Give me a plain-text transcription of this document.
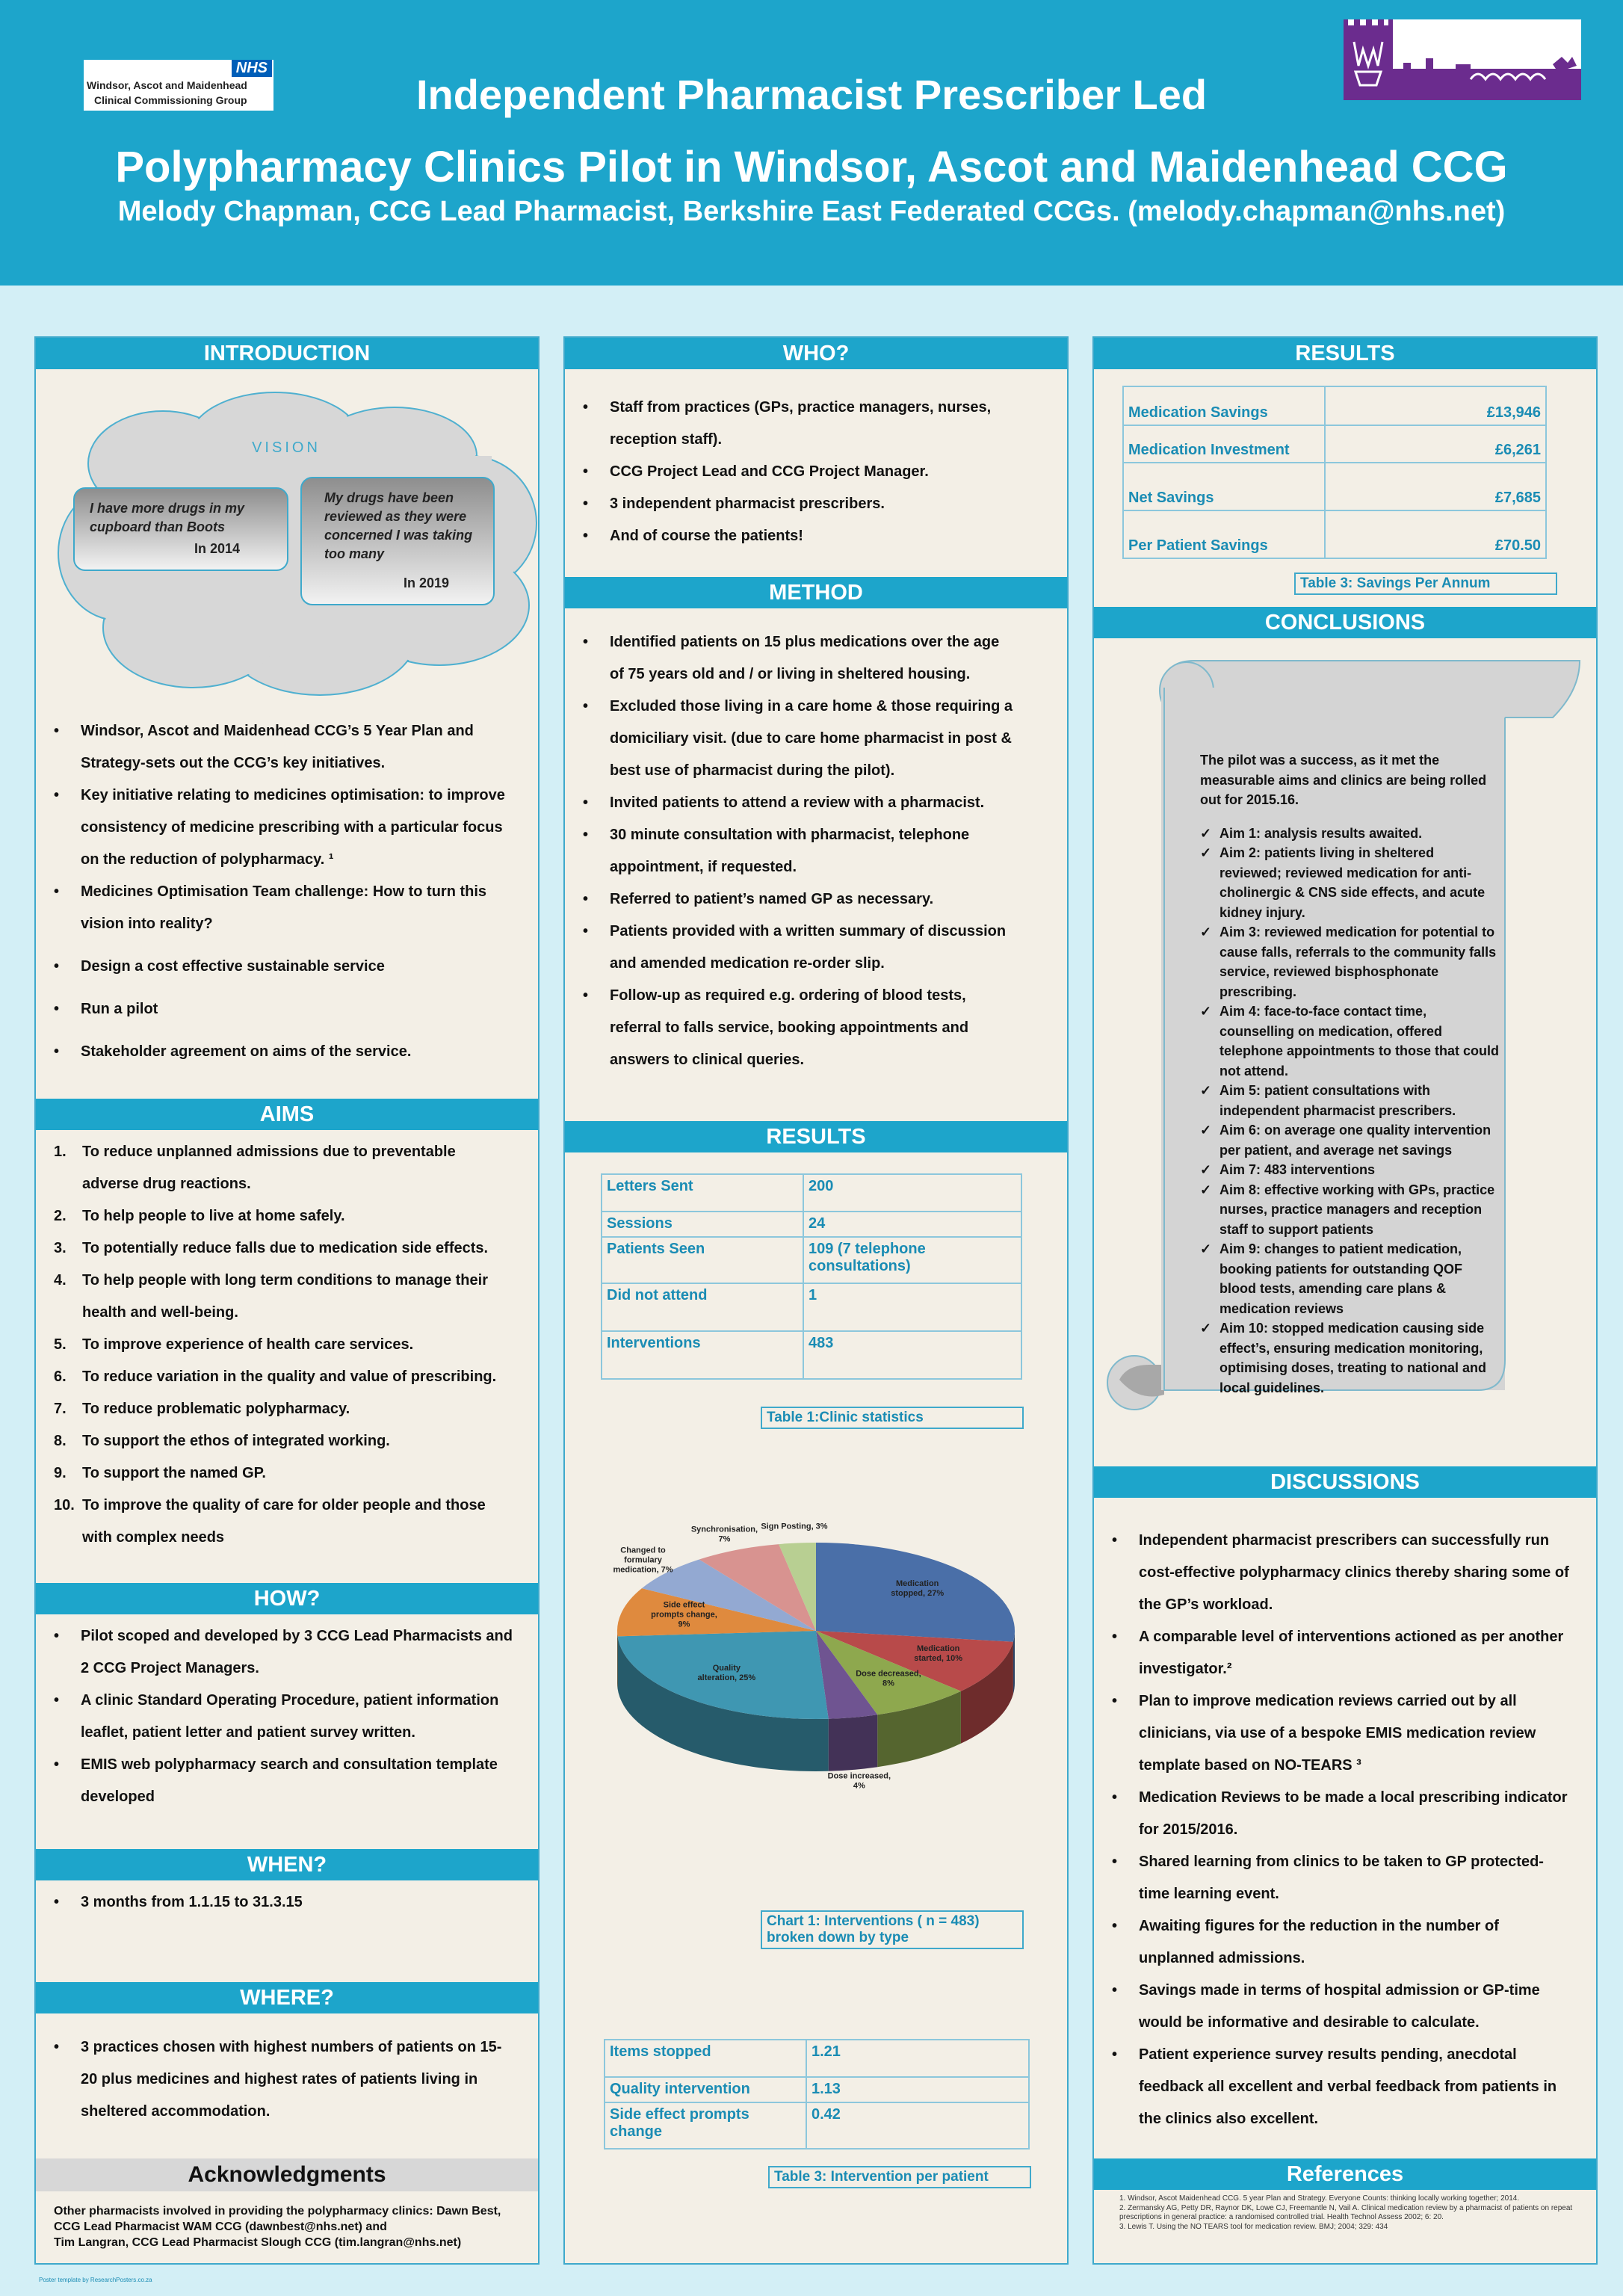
NHS
Windsor, Ascot and Maidenhead
Clinical Commissioning Group	Independent Pharmacist Prescriber Led
Polypharmacy Clinics Pilot in Windsor, Ascot and Maidenhead CCG
Melody Chapman, CCG Lead Pharmacist, Berkshire East Federated CCGs. (melody.chapman@nhs.net)
INTRODUCTION
VISION
I have more drugs in my cupboard than Boots
In 2014
My drugs have been reviewed as they were concerned I was taking too many
In 2019
• Windsor, Ascot and Maidenhead CCG’s 5 Year Plan and Strategy-sets out the CCG’s key initiatives.
• Key initiative relating to medicines optimisation: to improve consistency of medicine prescribing with a particular focus on the reduction of polypharmacy. ¹
• Medicines Optimisation Team challenge: How to turn this vision into reality?
• Design a cost effective sustainable service
• Run a pilot
• Stakeholder agreement on aims of the service.
AIMS
1. To reduce unplanned admissions due to preventable adverse drug reactions.
2. To help people to live at home safely.
3. To potentially reduce falls due to medication side effects.
4. To help people with long term conditions to manage their health and well-being.
5. To improve experience of health care services.
6. To reduce variation in the quality and value of prescribing.
7. To reduce problematic polypharmacy.
8. To support the ethos of integrated working.
9. To support the named GP.
10. To improve the quality of care for older people and those with complex needs
HOW?
• Pilot scoped and developed by 3 CCG Lead Pharmacists and 2 CCG Project Managers.
• A clinic Standard Operating Procedure, patient information leaflet, patient letter and patient survey written.
• EMIS web polypharmacy search and consultation template developed
WHEN?
• 3 months from 1.1.15 to 31.3.15
WHERE?
• 3 practices chosen with highest numbers of patients on 15-20 plus medicines and highest rates of patients living in sheltered accommodation.
Acknowledgments
Other pharmacists involved in providing the polypharmacy clinics: Dawn Best, CCG Lead Pharmacist WAM CCG (dawnbest@nhs.net) and
Tim Langran, CCG Lead Pharmacist Slough CCG (tim.langran@nhs.net)
WHO?
• Staff from practices (GPs, practice managers, nurses, reception staff).
• CCG Project Lead and CCG Project Manager.
• 3 independent pharmacist prescribers.
• And of course the patients!
METHOD
• Identified patients on 15 plus medications over the age of 75 years old and / or living in sheltered housing.
• Excluded those living in a care home & those requiring a domiciliary visit. (due to care home pharmacist in post & best use of pharmacist during the pilot).
• Invited patients to attend a review with a pharmacist.
• 30 minute consultation with pharmacist, telephone appointment, if requested.
• Referred to patient’s named GP as necessary.
• Patients provided with a written summary of discussion and amended medication re-order slip.
• Follow-up as required e.g. ordering of blood tests, referral to falls service, booking appointments and answers to clinical queries.
RESULTS
Letters Sent	200
Sessions	24
Patients Seen	109 (7 telephone consultations)
Did not attend	1
Interventions	483
Table 1:Clinic statistics
Medication stopped, 27%
Medication started, 10%
Dose decreased, 8%
Dose increased, 4%
Quality alteration, 25%
Side effect prompts change, 9%
Changed to formulary medication, 7%
Synchronisation, 7%
Sign Posting, 3%
Chart 1: Interventions ( n = 483)
broken down by type
Items stopped	1.21
Quality intervention	1.13
Side effect prompts change	0.42
Table 3: Intervention per patient
RESULTS
Medication Savings	£13,946
Medication Investment	£6,261
Net Savings	£7,685
Per Patient Savings	£70.50
Table 3: Savings Per Annum
CONCLUSIONS
DISCUSSIONS
• Independent pharmacist prescribers can successfully run cost-effective polypharmacy clinics thereby sharing some of the GP’s workload.
• A comparable level of interventions actioned as per another investigator.²
• Plan to improve medication reviews carried out by all clinicians, via use of a bespoke EMIS medication review template based on NO-TEARS ³
• Medication Reviews to be made a local prescribing indicator for 2015/2016.
• Shared learning from clinics to be taken to GP protected-time learning event.
• Awaiting figures for the reduction in the number of unplanned admissions.
• Savings made in terms of hospital admission or GP-time would be informative and desirable to calculate.
• Patient experience survey results pending, anecdotal feedback all excellent and verbal feedback from patients in the clinics also excellent.
References
1. Windsor, Ascot Maidenhead CCG. 5 year Plan and Strategy. Everyone Counts: thinking locally working together; 2014.
2. Zermansky AG, Petty DR, Raynor DK, Lowe CJ, Freemantle N, Vail A. Clinical medication review by a pharmacist of patients on repeat prescriptions in general practice: a randomised controlled trial. Health Technol Assess 2002; 6: 20.
3. Lewis T. Using the NO TEARS tool for medication review. BMJ; 2004; 329: 434

The pilot was a success, as it met the measurable aims and clinics are being rolled out for 2015.16.

✓ Aim 1: analysis results awaited.
✓ Aim 2: patients living in sheltered reviewed; reviewed medication for anti-cholinergic & CNS side effects, and acute kidney injury.
✓ Aim 3: reviewed medication for potential to cause falls, referrals to the community falls service, reviewed bisphosphonate prescribing.
✓ Aim 4: face-to-face contact time, counselling on medication, offered telephone appointments to those that could not attend.
✓ Aim 5: patient consultations with independent pharmacist prescribers.
✓ Aim 6: on average one quality intervention per patient, and average net savings
✓ Aim 7: 483 interventions
✓ Aim 8: effective working with GPs, practice nurses, practice managers and reception staff to support patients
✓ Aim 9: changes to patient medication, booking patients for outstanding QOF blood tests, amending care plans & medication reviews
✓ Aim 10: stopped medication causing side effect’s, ensuring medication monitoring, optimising doses, treating to national and local guidelines.
Poster template by ResearchPosters.co.za
